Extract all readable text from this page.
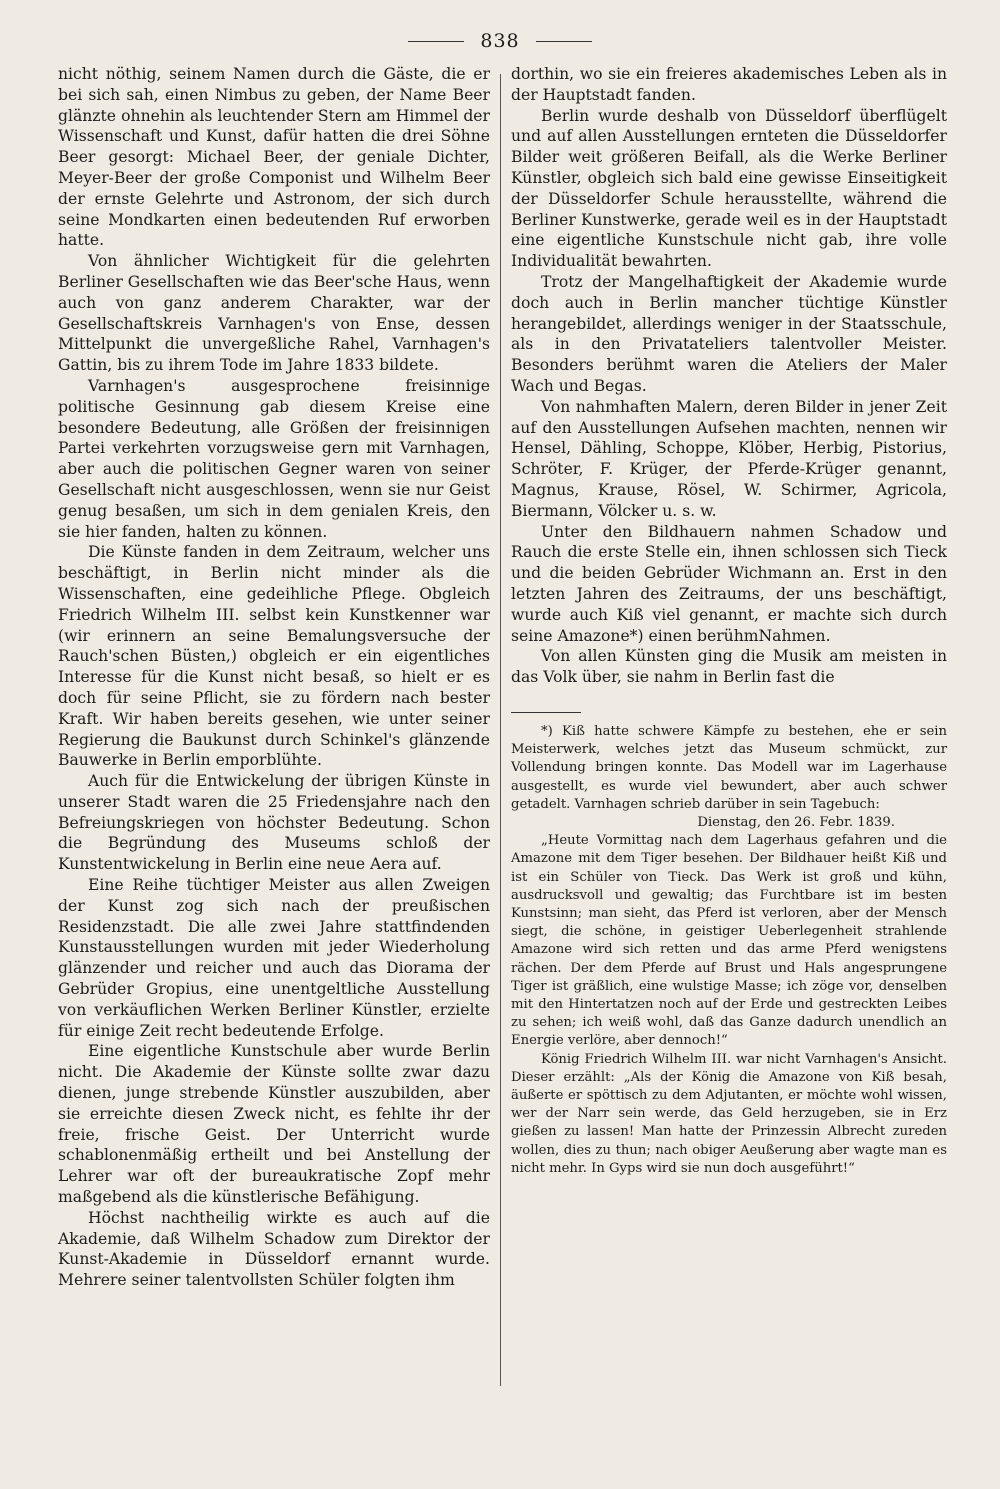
838

nicht nöthig, seinem Namen durch die Gäste, die er bei sich sah, einen Nimbus zu geben, der Name Beer glänzte ohnehin als leuchtender Stern am Himmel der Wissenschaft und Kunst, dafür hatten die drei Söhne Beer gesorgt: Michael Beer, der geniale Dichter, Meyer-Beer der große Componist und Wilhelm Beer der ernste Gelehrte und Astronom, der sich durch seine Mondkarten einen bedeutenden Ruf erworben hatte.

Von ähnlicher Wichtigkeit für die gelehrten Berliner Gesellschaften wie das Beer'sche Haus, wenn auch von ganz anderem Charakter, war der Gesellschaftskreis Varnhagen's von Ense, dessen Mittelpunkt die unvergeßliche Rahel, Varnhagen's Gattin, bis zu ihrem Tode im Jahre 1833 bildete.

Varnhagen's ausgesprochene freisinnige politische Gesinnung gab diesem Kreise eine besondere Bedeutung, alle Größen der freisinnigen Partei verkehrten vorzugsweise gern mit Varnhagen, aber auch die politischen Gegner waren von seiner Gesellschaft nicht ausgeschlossen, wenn sie nur Geist genug besaßen, um sich in dem genialen Kreis, den sie hier fanden, halten zu können.

Die Künste fanden in dem Zeitraum, welcher uns beschäftigt, in Berlin nicht minder als die Wissenschaften, eine gedeihliche Pflege. Obgleich Friedrich Wilhelm III. selbst kein Kunstkenner war (wir erinnern an seine Bemalungsversuche der Rauch'schen Büsten,) obgleich er ein eigentliches Interesse für die Kunst nicht besaß, so hielt er es doch für seine Pflicht, sie zu fördern nach bester Kraft. Wir haben bereits gesehen, wie unter seiner Regierung die Baukunst durch Schinkel's glänzende Bauwerke in Berlin emporblühte.

Auch für die Entwickelung der übrigen Künste in unserer Stadt waren die 25 Friedensjahre nach den Befreiungskriegen von höchster Bedeutung. Schon die Begründung des Museums schloß der Kunstentwickelung in Berlin eine neue Aera auf.

Eine Reihe tüchtiger Meister aus allen Zweigen der Kunst zog sich nach der preußischen Residenzstadt. Die alle zwei Jahre stattfindenden Kunstausstellungen wurden mit jeder Wiederholung glänzender und reicher und auch das Diorama der Gebrüder Gropius, eine unentgeltliche Ausstellung von verkäuflichen Werken Berliner Künstler, erzielte für einige Zeit recht bedeutende Erfolge.

Eine eigentliche Kunstschule aber wurde Berlin nicht. Die Akademie der Künste sollte zwar dazu dienen, junge strebende Künstler auszubilden, aber sie erreichte diesen Zweck nicht, es fehlte ihr der freie, frische Geist. Der Unterricht wurde schablonenmäßig ertheilt und bei Anstellung der Lehrer war oft der bureaukratische Zopf mehr maßgebend als die künstlerische Befähigung.

Höchst nachtheilig wirkte es auch auf die Akademie, daß Wilhelm Schadow zum Direktor der Kunst-Akademie in Düsseldorf ernannt wurde. Mehrere seiner talentvollsten Schüler folgten ihm

dorthin, wo sie ein freieres akademisches Leben als in der Hauptstadt fanden.

Berlin wurde deshalb von Düsseldorf überflügelt und auf allen Ausstellungen ernteten die Düsseldorfer Bilder weit größeren Beifall, als die Werke Berliner Künstler, obgleich sich bald eine gewisse Einseitigkeit der Düsseldorfer Schule herausstellte, während die Berliner Kunstwerke, gerade weil es in der Hauptstadt eine eigentliche Kunstschule nicht gab, ihre volle Individualität bewahrten.

Trotz der Mangelhaftigkeit der Akademie wurde doch auch in Berlin mancher tüchtige Künstler herangebildet, allerdings weniger in der Staatsschule, als in den Privatateliers talentvoller Meister. Besonders berühmt waren die Ateliers der Maler Wach und Begas.

Von nahmhaften Malern, deren Bilder in jener Zeit auf den Ausstellungen Aufsehen machten, nennen wir Hensel, Dähling, Schoppe, Klöber, Herbig, Pistorius, Schröter, F. Krüger, der Pferde-Krüger genannt, Magnus, Krause, Rösel, W. Schirmer, Agricola, Biermann, Völcker u. s. w.

Unter den Bildhauern nahmen Schadow und Rauch die erste Stelle ein, ihnen schlossen sich Tieck und die beiden Gebrüder Wichmann an. Erst in den letzten Jahren des Zeitraums, der uns beschäftigt, wurde auch Kiß viel genannt, er machte sich durch seine Amazone*) einen berühmNahmen.

Von allen Künsten ging die Musik am meisten in das Volk über, sie nahm in Berlin fast die

*) Kiß hatte schwere Kämpfe zu bestehen, ehe er sein Meisterwerk, welches jetzt das Museum schmückt, zur Vollendung bringen konnte. Das Modell war im Lagerhause ausgestellt, es wurde viel bewundert, aber auch schwer getadelt. Varnhagen schrieb darüber in sein Tagebuch:

Dienstag, den 26. Febr. 1839.

„Heute Vormittag nach dem Lagerhaus gefahren und die Amazone mit dem Tiger besehen. Der Bildhauer heißt Kiß und ist ein Schüler von Tieck. Das Werk ist groß und kühn, ausdrucksvoll und gewaltig; das Furchtbare ist im besten Kunstsinn; man sieht, das Pferd ist verloren, aber der Mensch siegt, die schöne, in geistiger Ueberlegenheit strahlende Amazone wird sich retten und das arme Pferd wenigstens rächen. Der dem Pferde auf Brust und Hals angesprungene Tiger ist gräßlich, eine wulstige Masse; ich zöge vor, denselben mit den Hintertatzen noch auf der Erde und gestreckten Leibes zu sehen; ich weiß wohl, daß das Ganze dadurch unendlich an Energie verlöre, aber dennoch!“

König Friedrich Wilhelm III. war nicht Varnhagen's Ansicht. Dieser erzählt: „Als der König die Amazone von Kiß besah, äußerte er spöttisch zu dem Adjutanten, er möchte wohl wissen, wer der Narr sein werde, das Geld herzugeben, sie in Erz gießen zu lassen! Man hatte der Prinzessin Albrecht zureden wollen, dies zu thun; nach obiger Aeußerung aber wagte man es nicht mehr. In Gyps wird sie nun doch ausgeführt!“
